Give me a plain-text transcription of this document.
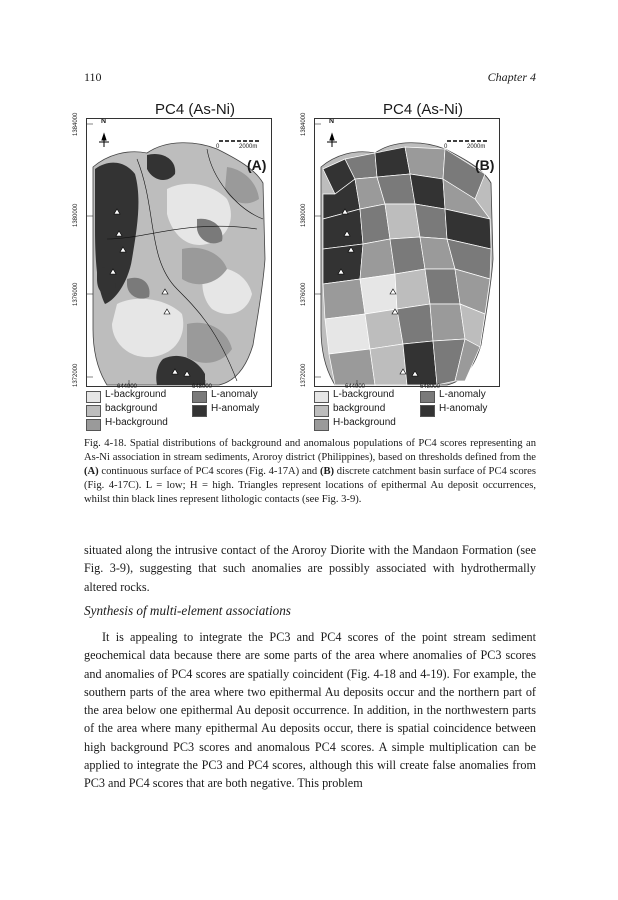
110	Chapter 4
PC4 (As-Ni)
N
0	2000m
(A)
1384000
1380000
1376000
1372000	644000	648000
L-background	L-anomaly
background	H-anomaly
H-background
PC4 (As-Ni)
N
0	2000m
(B)
1384000
1380000
1376000
1372000	644000	648000
L-background	L-anomaly
background	H-anomaly
H-background
Fig. 4-18. Spatial distributions of background and anomalous populations of PC4 scores representing an As-Ni association in stream sediments, Aroroy district (Philippines), based on thresholds defined from the (A) continuous surface of PC4 scores (Fig. 4-17A) and (B) discrete catchment basin surface of PC4 scores (Fig. 4-17C). L = low; H = high. Triangles represent locations of epithermal Au deposit occurrences, whilst thin black lines represent lithologic contacts (see Fig. 3-9).
situated along the intrusive contact of the Aroroy Diorite with the Mandaon Formation (see Fig. 3-9), suggesting that such anomalies are possibly associated with hydrothermally altered rocks.
Synthesis of multi-element associations
It is appealing to integrate the PC3 and PC4 scores of the point stream sediment geochemical data because there are some parts of the area where anomalies of PC3 scores and anomalies of PC4 scores are spatially coincident (Fig. 4-18 and 4-19). For example, the southern parts of the area where two epithermal Au deposits occur and the northern part of the area below one epithermal Au deposit occurrence. In addition, in the northwestern parts of the area where many epithermal Au deposits occur, there is spatial coincidence between high background PC3 scores and anomalous PC4 scores. A simple multiplication can be applied to integrate the PC3 and PC4 scores, although this will create false anomalies from PC3 and PC4 scores that are both negative. This problem
